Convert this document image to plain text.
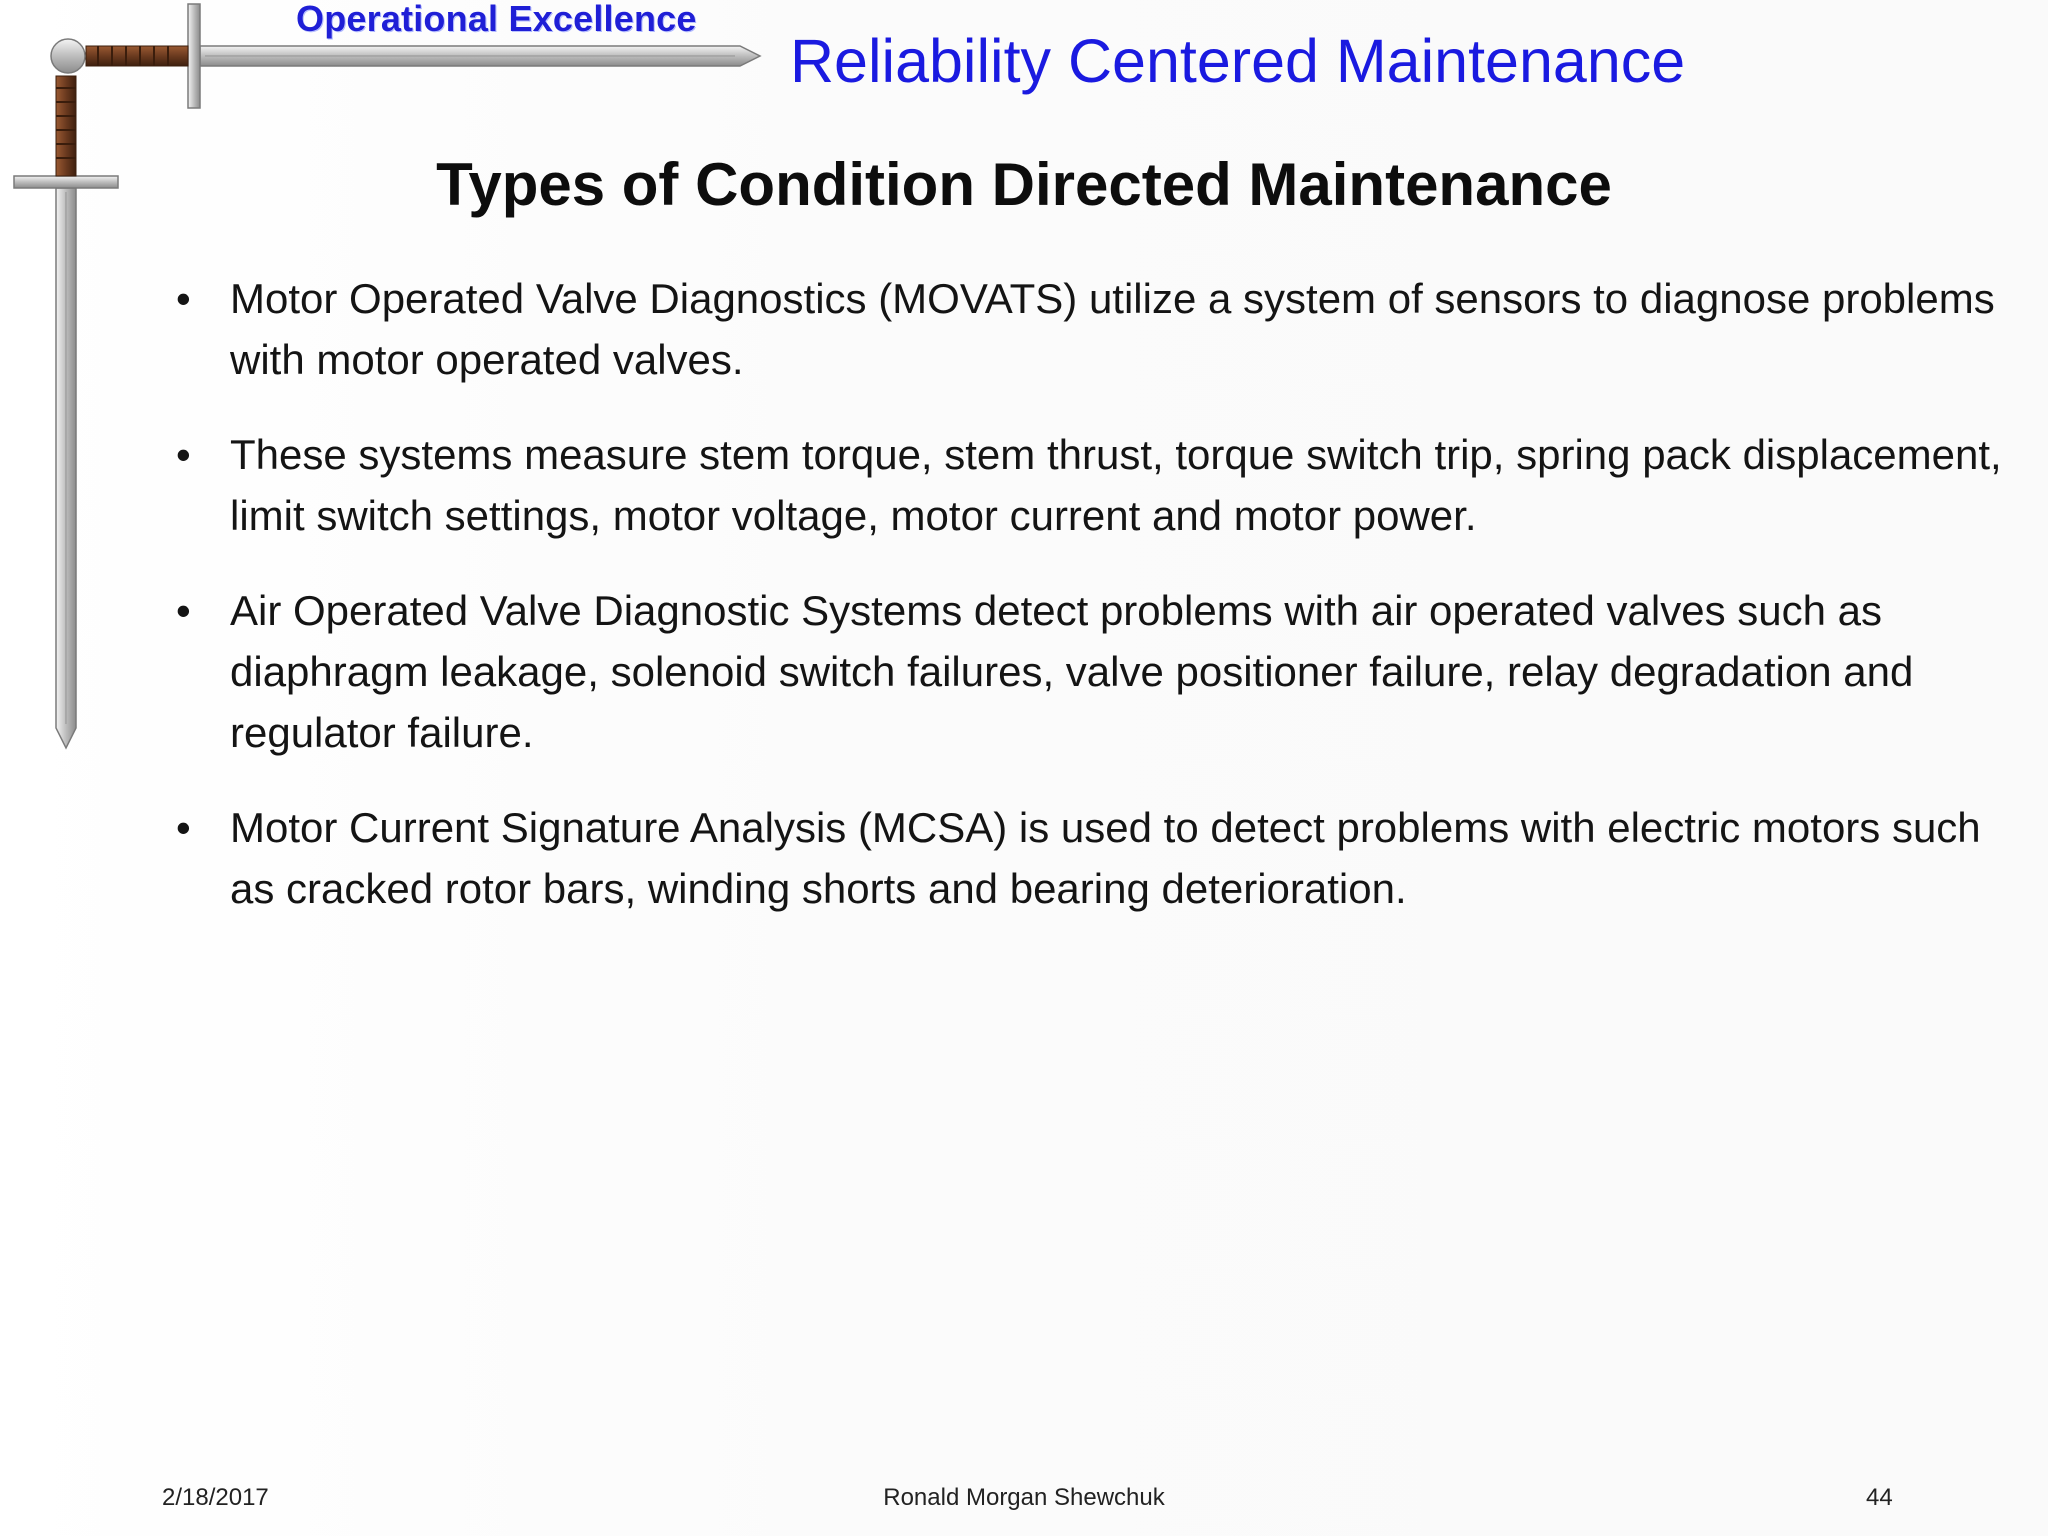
Operational Excellence
Reliability Centered Maintenance
Types of Condition Directed Maintenance
• Motor Operated Valve Diagnostics (MOVATS) utilize a system of sensors to diagnose problems with motor operated valves.
• These systems measure stem torque, stem thrust, torque switch trip, spring pack displacement, limit switch settings, motor voltage, motor current and motor power.
• Air Operated Valve Diagnostic Systems detect problems with air operated valves such as diaphragm leakage, solenoid switch failures, valve positioner failure, relay degradation and regulator failure.
• Motor Current Signature Analysis (MCSA) is used to detect problems with electric motors such as cracked rotor bars, winding shorts and bearing deterioration.
2/18/2017	Ronald Morgan Shewchuk	44
